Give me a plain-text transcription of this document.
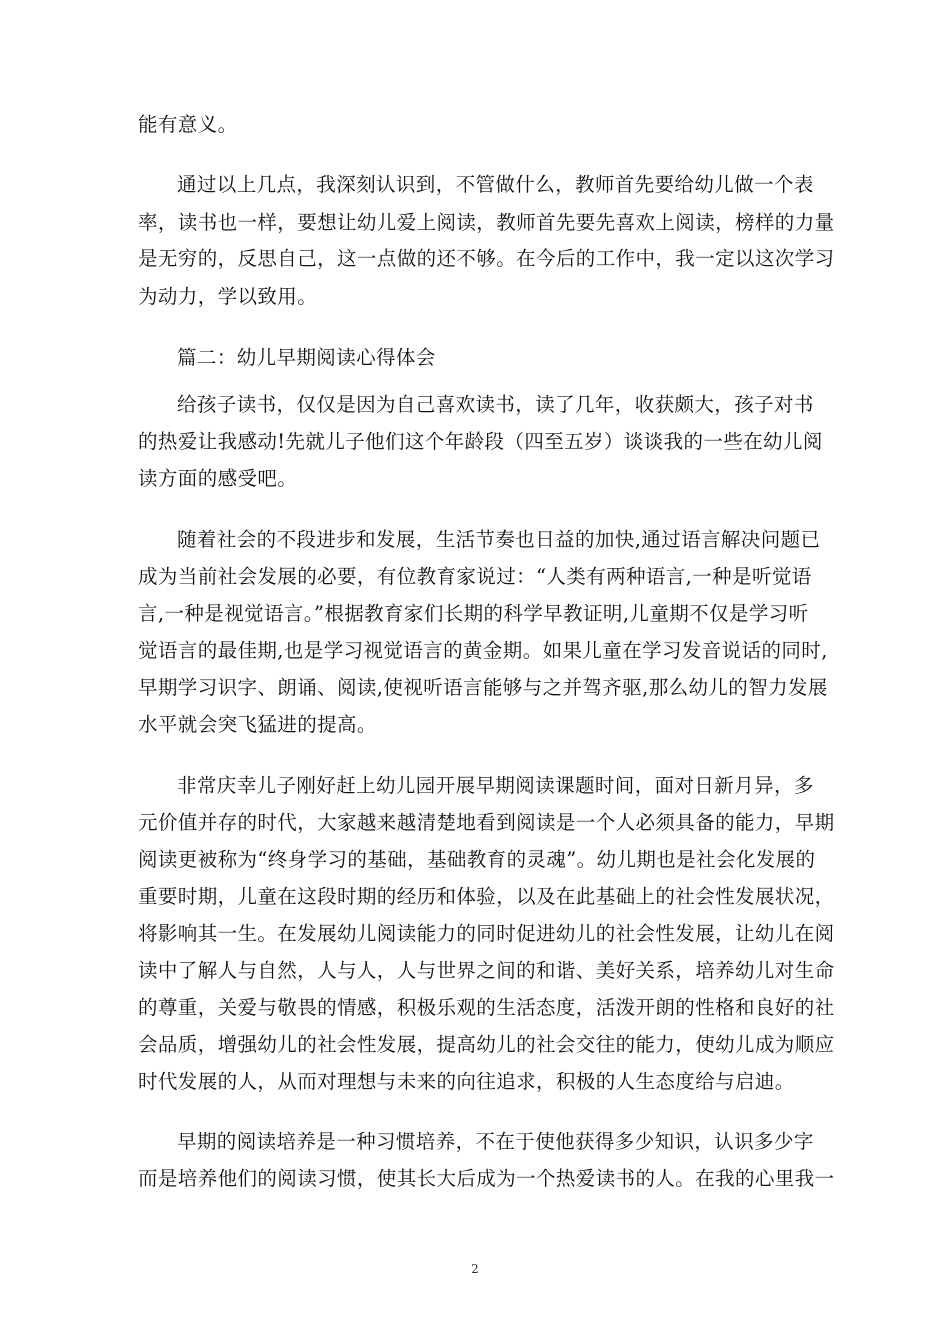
能有意义。
通过以上几点，我深刻认识到，不管做什么，教师首先要给幼儿做一个表
率，读书也一样，要想让幼儿爱上阅读，教师首先要先喜欢上阅读，榜样的力量
是无穷的，反思自己，这一点做的还不够。在今后的工作中，我一定以这次学习
为动力，学以致用。
篇二：幼儿早期阅读心得体会
给孩子读书，仅仅是因为自己喜欢读书，读了几年，收获颇大，孩子对书
的热爱让我感动!先就儿子他们这个年龄段（四至五岁）谈谈我的一些在幼儿阅
读方面的感受吧。
随着社会的不段进步和发展，生活节奏也日益的加快,通过语言解决问题已
成为当前社会发展的必要，有位教育家说过：“人类有两种语言,一种是听觉语
言,一种是视觉语言。”根据教育家们长期的科学早教证明,儿童期不仅是学习听
觉语言的最佳期,也是学习视觉语言的黄金期。如果儿童在学习发音说话的同时,
早期学习识字、朗诵、阅读,使视听语言能够与之并驾齐驱,那么幼儿的智力发展
水平就会突飞猛进的提高。
非常庆幸儿子刚好赶上幼儿园开展早期阅读课题时间，面对日新月异，多
元价值并存的时代，大家越来越清楚地看到阅读是一个人必须具备的能力，早期
阅读更被称为“终身学习的基础，基础教育的灵魂”。幼儿期也是社会化发展的
重要时期，儿童在这段时期的经历和体验，以及在此基础上的社会性发展状况，
将影响其一生。在发展幼儿阅读能力的同时促进幼儿的社会性发展，让幼儿在阅
读中了解人与自然，人与人，人与世界之间的和谐、美好关系，培养幼儿对生命
的尊重，关爱与敬畏的情感，积极乐观的生活态度，活泼开朗的性格和良好的社
会品质，增强幼儿的社会性发展，提高幼儿的社会交往的能力，使幼儿成为顺应
时代发展的人，从而对理想与未来的向往追求，积极的人生态度给与启迪。
早期的阅读培养是一种习惯培养，不在于使他获得多少知识，认识多少字
而是培养他们的阅读习惯，使其长大后成为一个热爱读书的人。在我的心里我一
2
